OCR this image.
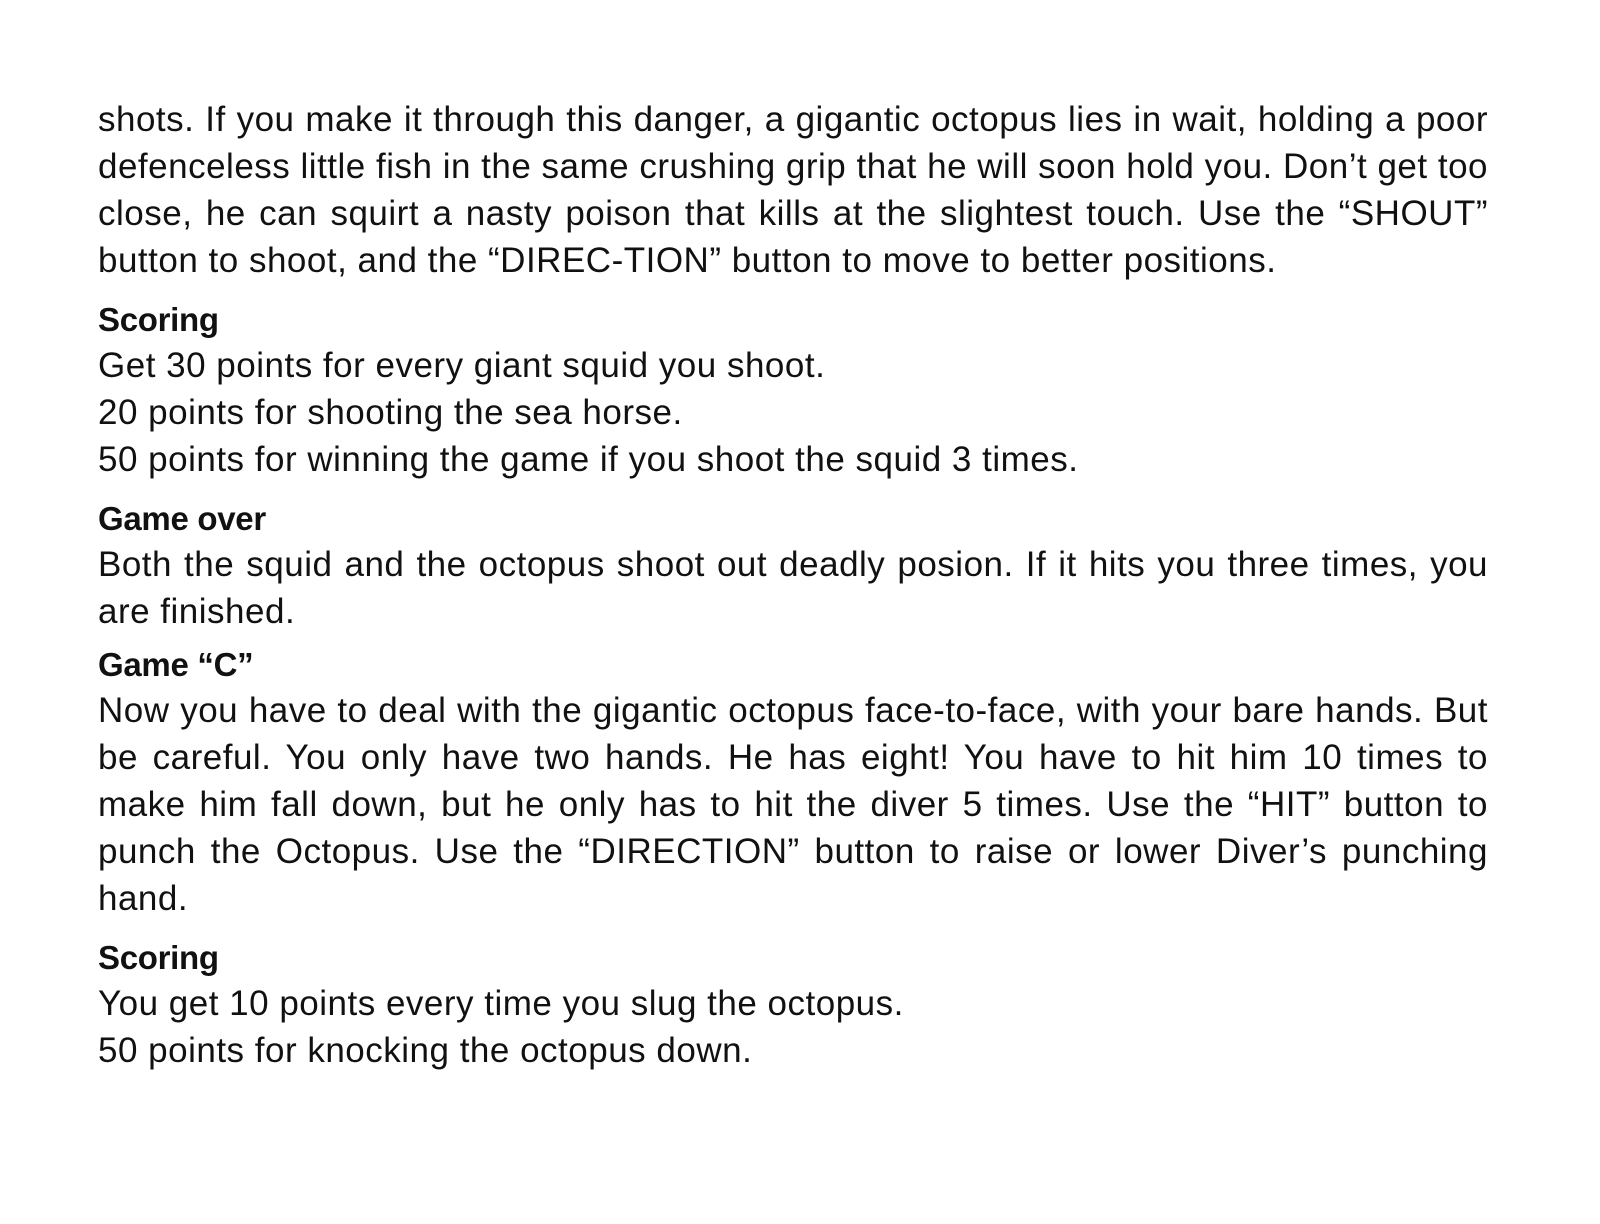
shots. If you make it through this danger, a gigantic octopus lies in wait, holding a poor defenceless little fish in the same crushing grip that he will soon hold you. Don’t get too close, he can squirt a nasty poison that kills at the slightest touch. Use the “SHOUT” button to shoot, and the “DIREC-TION” button to move to better positions.

Scoring
Get 30 points for every giant squid you shoot.
20 points for shooting the sea horse.
50 points for winning the game if you shoot the squid 3 times.
Game over

Both the squid and the octopus shoot out deadly posion. If it hits you three times, you are finished.

Game “C”

Now you have to deal with the gigantic octopus face-to-face, with your bare hands. But be careful. You only have two hands. He has eight! You have to hit him 10 times to make him fall down, but he only has to hit the diver 5 times. Use the “HIT” button to punch the Octopus. Use the “DIRECTION” button to raise or lower Diver’s punching hand.

Scoring
You get 10 points every time you slug the octopus.
50 points for knocking the octopus down.
